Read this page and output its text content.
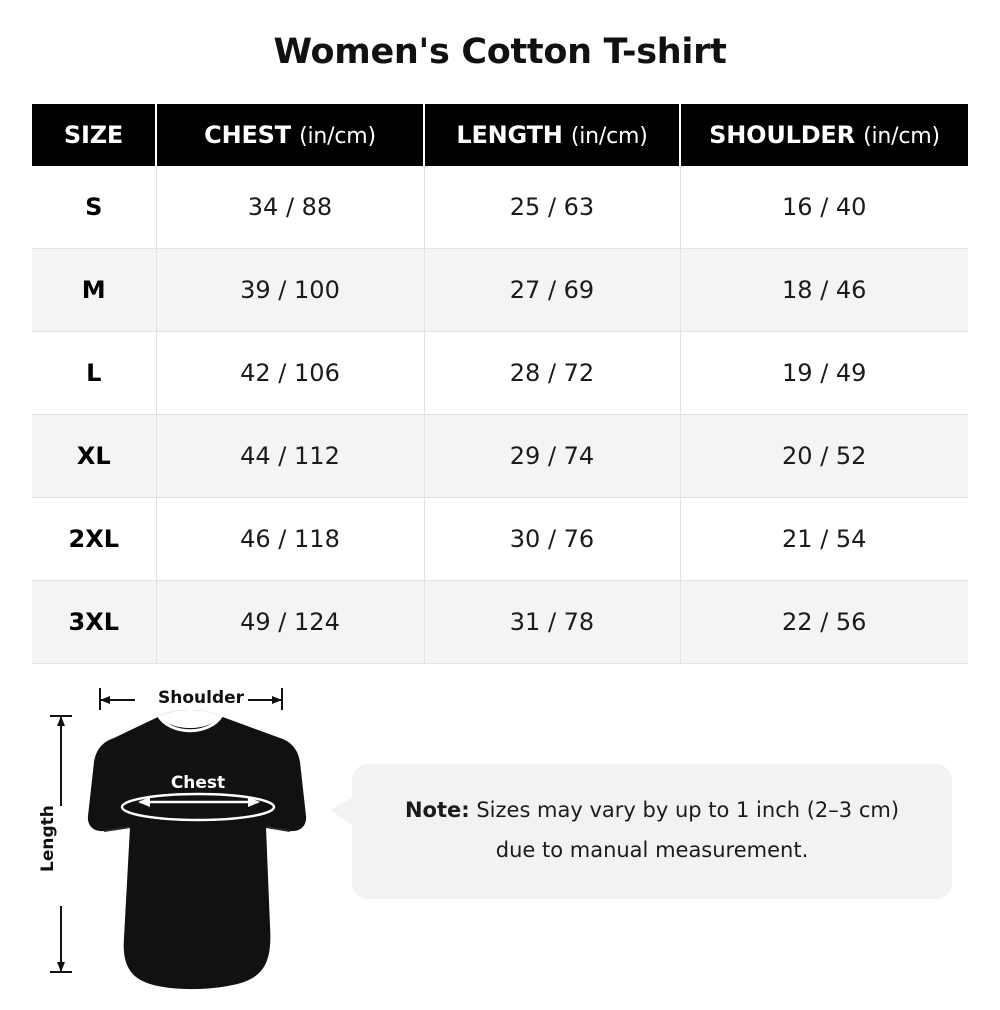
Women's Cotton T-shirt
SIZE	CHEST (in/cm)	LENGTH (in/cm)	SHOULDER (in/cm)
S	34 / 88	25 / 63	16 / 40
M	39 / 100	27 / 69	18 / 46
L	42 / 106	28 / 72	19 / 49
XL	44 / 112	29 / 74	20 / 52
2XL	46 / 118	30 / 76	21 / 54
3XL	49 / 124	31 / 78	22 / 56
Chest
Shoulder
Length	Note: Sizes may vary by up to 1 inch (2–3 cm)
due to manual measurement.
